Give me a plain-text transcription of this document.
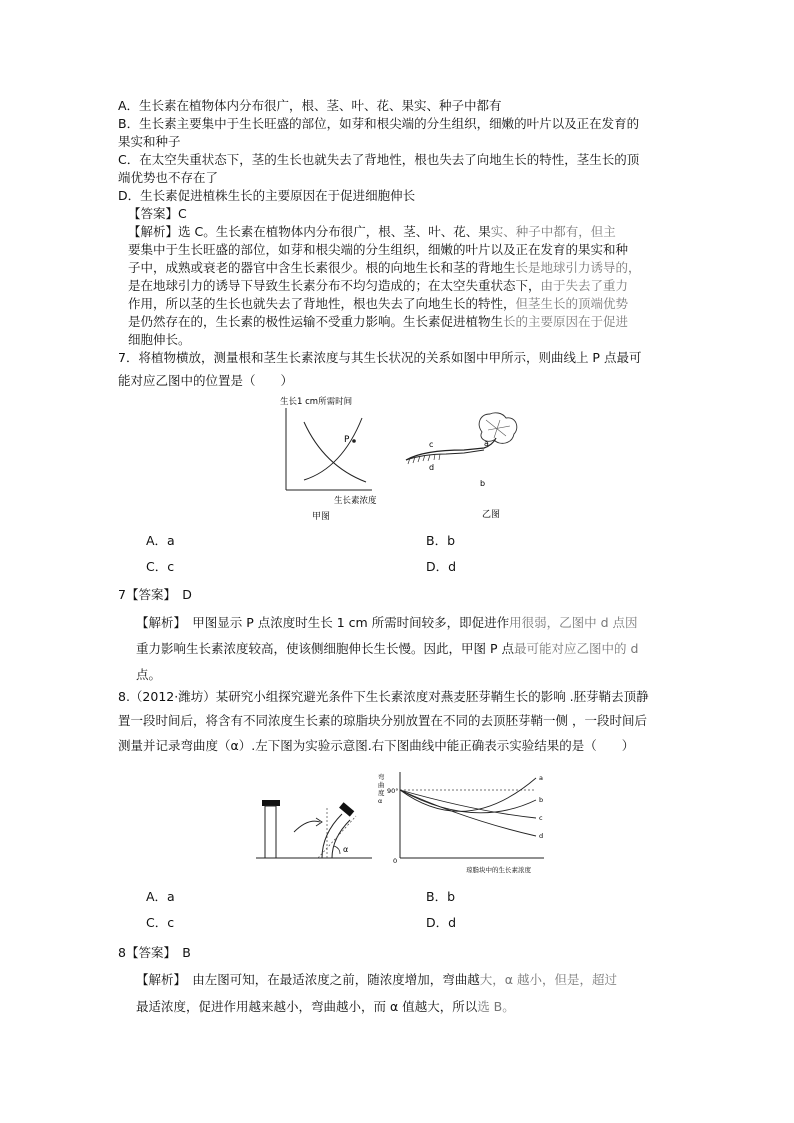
A．生长素在植物体内分布很广，根、茎、叶、花、果实、种子中都有
B．生长素主要集中于生长旺盛的部位，如芽和根尖端的分生组织，细嫩的叶片以及正在发育的
果实和种子
C．在太空失重状态下，茎的生长也就失去了背地性，根也失去了向地生长的特性，茎生长的顶
端优势也不存在了
D．生长素促进植株生长的主要原因在于促进细胞伸长
【答案】C
【解析】选 C。生长素在植物体内分布很广，根、茎、叶、花、果实、种子中都有，但主
要集中于生长旺盛的部位，如芽和根尖端的分生组织，细嫩的叶片以及正在发育的果实和种
子中，成熟或衰老的器官中含生长素很少。根的向地生长和茎的背地生长是地球引力诱导的，
是在地球引力的诱导下导致生长素分布不均匀造成的；在太空失重状态下，由于失去了重力
作用，所以茎的生长也就失去了背地性，根也失去了向地生长的特性，但茎生长的顶端优势
是仍然存在的，生长素的极性运输不受重力影响。生长素促进植物生长的主要原因在于促进
细胞伸长。
7．将植物横放，测量根和茎生长素浓度与其生长状况的关系如图中甲所示，则曲线上 P 点最可
能对应乙图中的位置是（　　）
生长1 cm所需时间
P
生长素浓度
甲图
c	a
d
b
乙图
A．a	B．b
C．c	D．d
7【答案】　D
【解析】　甲图显示 P 点浓度时生长 1 cm 所需时间较多，即促进作用很弱，乙图中 d 点因
重力影响生长素浓度较高，使该侧细胞伸长生长慢。因此，甲图 P 点最可能对应乙图中的 d
点。
8.（2012·潍坊）某研究小组探究避光条件下生长素浓度对燕麦胚芽鞘生长的影响 .胚芽鞘去顶静
置一段时间后，将含有不同浓度生长素的琼脂块分别放置在不同的去顶胚芽鞘一侧 ，一段时间后
测量并记录弯曲度（α）.左下图为实验示意图.右下图曲线中能正确表示实验结果的是（　　）
α
弯
曲
度
α
90°
0
a
b
c
d
琼脂块中的生长素浓度
A．a	B．b
C．c	D．d
8【答案】　B
【解析】　由左图可知，在最适浓度之前，随浓度增加，弯曲越大，α 越小，但是，超过
最适浓度，促进作用越来越小，弯曲越小，而 α 值越大，所以选 B。
